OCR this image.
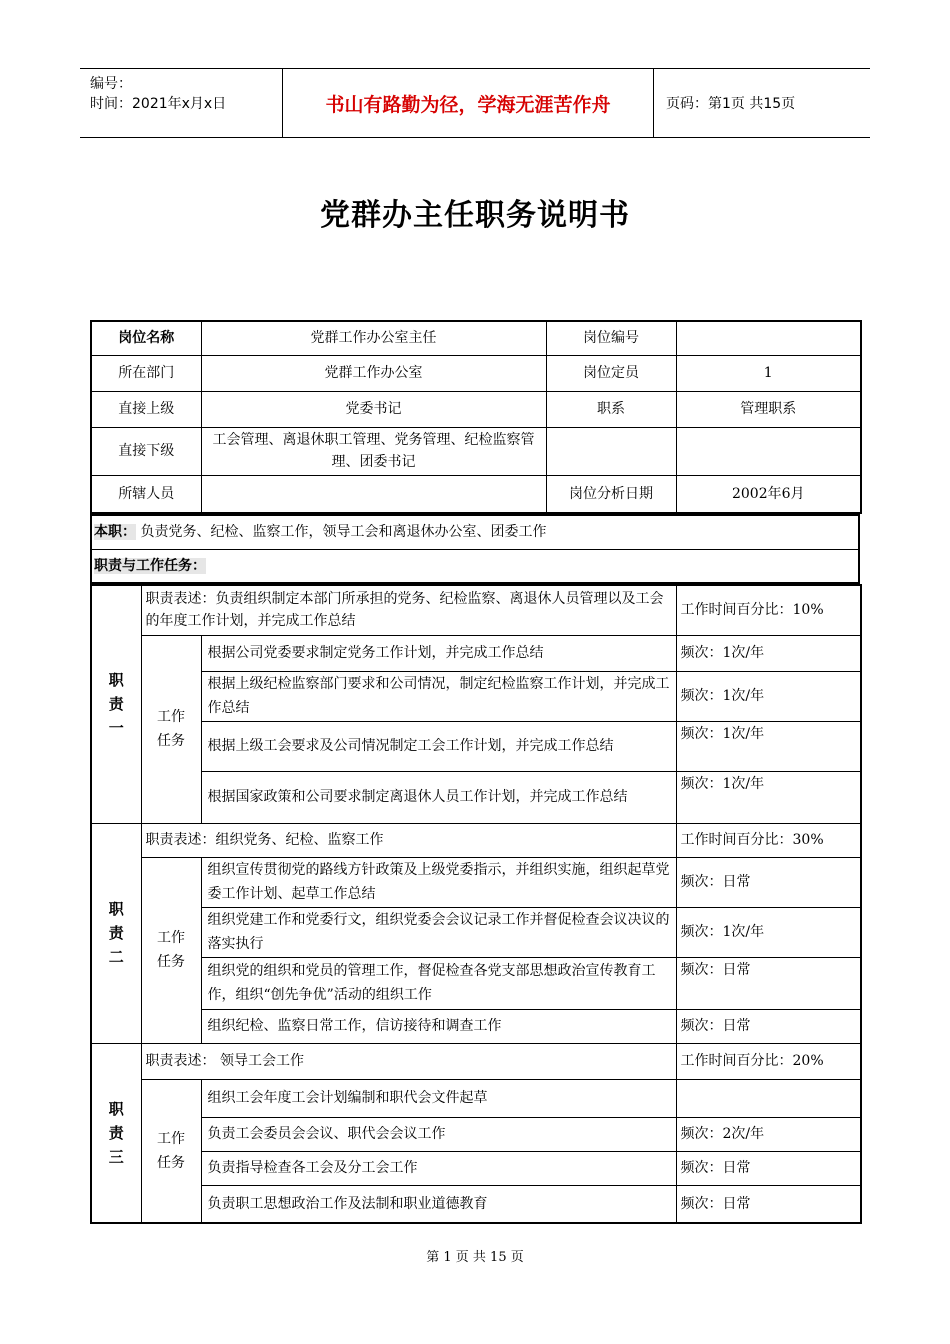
编号：
时间：2021年x月x日	书山有路勤为径，学海无涯苦作舟	页码：第1页 共15页
党群办主任职务说明书
岗位名称	党群工作办公室主任	岗位编号	
所在部门	党群工作办公室	岗位定员	1
直接上级	党委书记	职系	管理职系
直接下级	工会管理、离退休职工管理、党务管理、纪检监察管理、团委书记		
所辖人员		岗位分析日期	2002年6月
本职： 负责党务、纪检、监察工作，领导工会和离退休办公室、团委工作
职责与工作任务：
职
责
一	职责表述：负责组织制定本部门所承担的党务、纪检监察、离退休人员管理以及工会的年度工作计划，并完成工作总结		工作时间百分比：10%
	工作
任务	根据公司党委要求制定党务工作计划，并完成工作总结	频次：1次/年
		根据上级纪检监察部门要求和公司情况，制定纪检监察工作计划，并完成工作总结	频次：1次/年
		根据上级工会要求及公司情况制定工会工作计划，并完成工作总结	频次：1次/年
		根据国家政策和公司要求制定离退休人员工作计划，并完成工作总结	频次：1次/年
职
责
二	职责表述：组织党务、纪检、监察工作		工作时间百分比：30%
	工作
任务	组织宣传贯彻党的路线方针政策及上级党委指示，并组织实施，组织起草党委工作计划、起草工作总结	频次：日常
		组织党建工作和党委行文，组织党委会会议记录工作并督促检查会议决议的落实执行	频次：1次/年
		组织党的组织和党员的管理工作，督促检查各党支部思想政治宣传教育工作，组织“创先争优”活动的组织工作	频次：日常
		组织纪检、监察日常工作，信访接待和调查工作	频次：日常
职
责
三	职责表述： 领导工会工作		工作时间百分比：20%
	工作
任务	组织工会年度工会计划编制和职代会文件起草	
		负责工会委员会会议、职代会会议工作	频次：2次/年
		负责指导检查各工会及分工会工作	频次：日常
		负责职工思想政治工作及法制和职业道德教育	频次：日常
第 1 页 共 15 页
